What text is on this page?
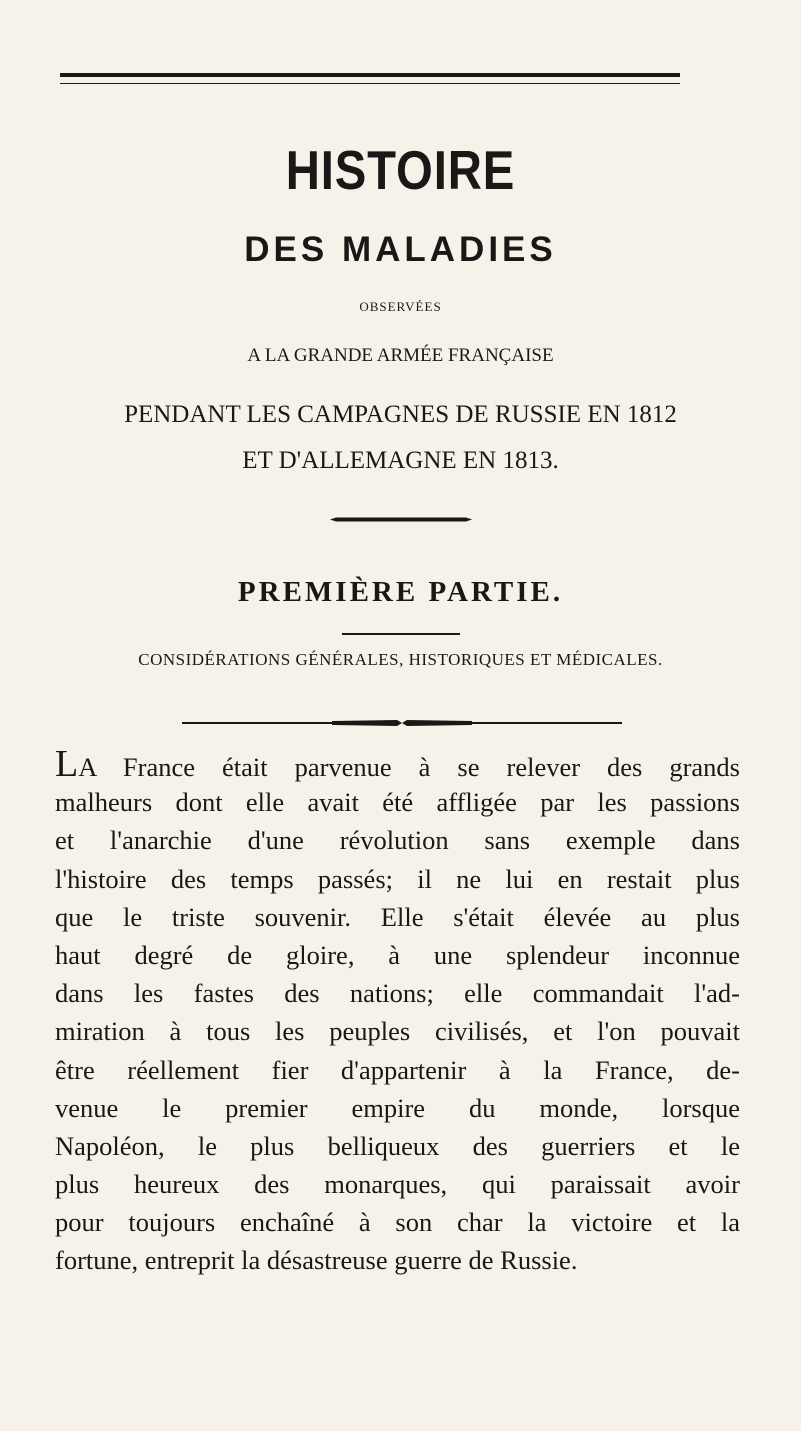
HISTOIRE
DES MALADIES
OBSERVÉES
A LA GRANDE ARMÉE FRANÇAISE
PENDANT LES CAMPAGNES DE RUSSIE EN 1812
ET D'ALLEMAGNE EN 1813.
PREMIÈRE PARTIE.
CONSIDÉRATIONS GÉNÉRALES, HISTORIQUES ET MÉDICALES.
LA France était parvenue à se relever des grands
malheurs dont elle avait été affligée par les passions
et l'anarchie d'une révolution sans exemple dans
l'histoire des temps passés; il ne lui en restait plus
que le triste souvenir. Elle s'était élevée au plus
haut degré de gloire, à une splendeur inconnue
dans les fastes des nations; elle commandait l'ad-
miration à tous les peuples civilisés, et l'on pouvait
être réellement fier d'appartenir à la France, de-
venue le premier empire du monde, lorsque
Napoléon, le plus belliqueux des guerriers et le
plus heureux des monarques, qui paraissait avoir
pour toujours enchaîné à son char la victoire et la
fortune, entreprit la désastreuse guerre de Russie.
